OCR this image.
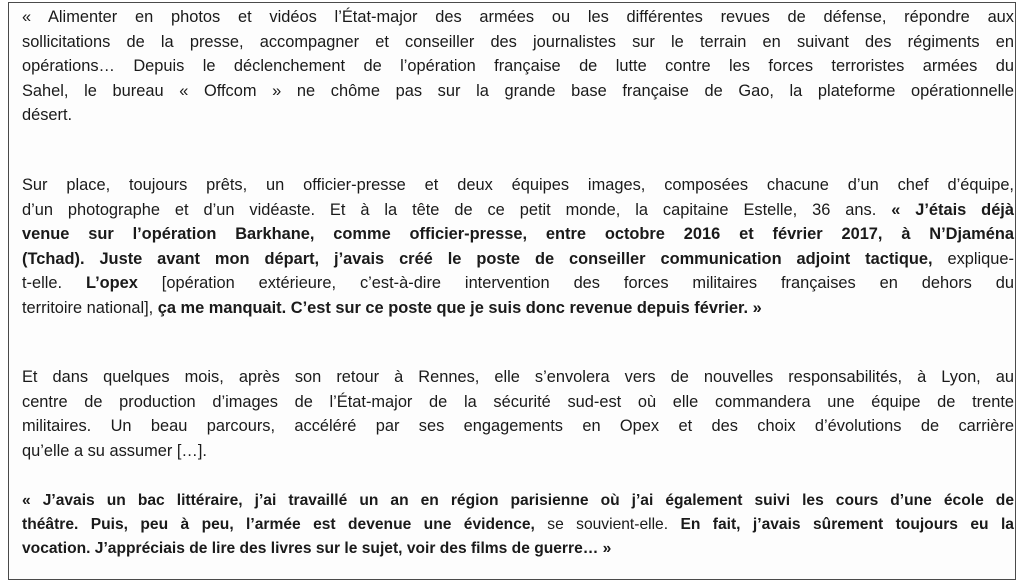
« Alimenter en photos et vidéos l’État-major des armées ou les différentes revues de défense, répondre aux
sollicitations de la presse, accompagner et conseiller des journalistes sur le terrain en suivant des régiments en
opérations… Depuis le déclenchement de l’opération française de lutte contre les forces terroristes armées du
Sahel, le bureau « Offcom » ne chôme pas sur la grande base française de Gao, la plateforme opérationnelle
désert.

Sur place, toujours prêts, un officier-presse et deux équipes images, composées chacune d’un chef d’équipe,
d’un photographe et d’un vidéaste. Et à la tête de ce petit monde, la capitaine Estelle, 36 ans. « J’étais déjà
venue sur l’opération Barkhane, comme officier-presse, entre octobre 2016 et février 2017, à N’Djaména
(Tchad). Juste avant mon départ, j’avais créé le poste de conseiller communication adjoint tactique, explique-
t-elle. L’opex [opération extérieure, c’est-à-dire intervention des forces militaires françaises en dehors du
territoire national], ça me manquait. C’est sur ce poste que je suis donc revenue depuis février. »

Et dans quelques mois, après son retour à Rennes, elle s’envolera vers de nouvelles responsabilités, à Lyon, au
centre de production d’images de l’État-major de la sécurité sud-est où elle commandera une équipe de trente
militaires. Un beau parcours, accéléré par ses engagements en Opex et des choix d’évolutions de carrière
qu’elle a su assumer […].

« J’avais un bac littéraire, j’ai travaillé un an en région parisienne où j’ai également suivi les cours d’une école de
théâtre. Puis, peu à peu, l’armée est devenue une évidence, se souvient-elle. En fait, j’avais sûrement toujours eu la
vocation. J’appréciais de lire des livres sur le sujet, voir des films de guerre… »
